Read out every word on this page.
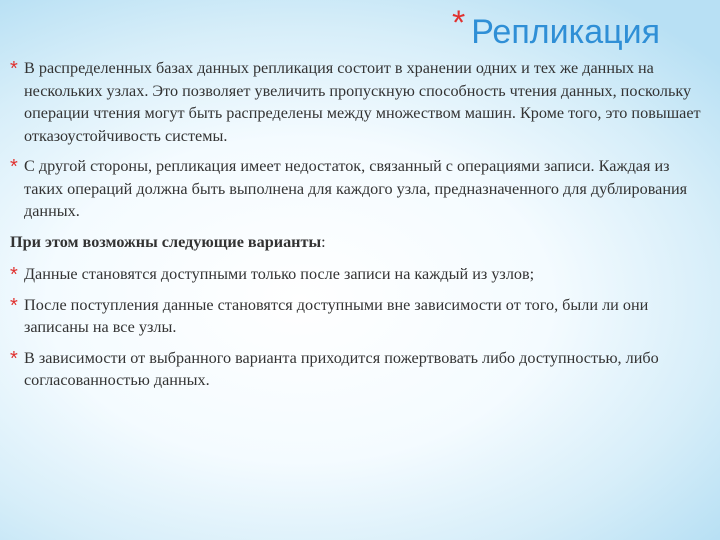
* Репликация
* В распределенных базах данных репликация состоит в хранении одних и тех же данных на нескольких узлах. Это позволяет увеличить пропускную способность чтения данных, поскольку операции чтения могут быть распределены между множеством машин. Кроме того, это повышает отказоустойчивость системы.
* С другой стороны, репликация имеет недостаток, связанный с операциями записи. Каждая из таких операций должна быть выполнена для каждого узла, предназначенного для дублирования данных.
При этом возможны следующие варианты:
* Данные становятся доступными только после записи на каждый из узлов;
* После поступления данные становятся доступными вне зависимости от того, были ли они записаны на все узлы.
* В зависимости от выбранного варианта приходится пожертвовать либо доступностью, либо согласованностью данных.
